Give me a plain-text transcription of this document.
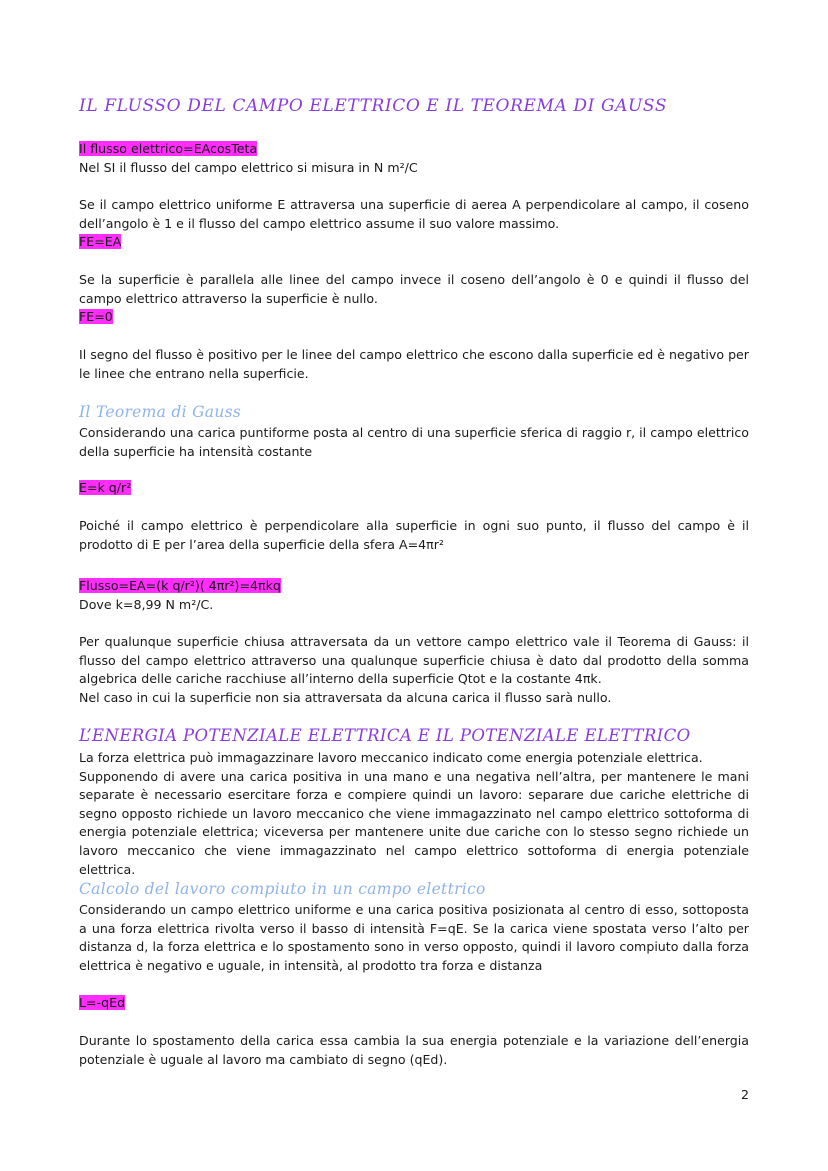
IL FLUSSO DEL CAMPO ELETTRICO E IL TEOREMA DI GAUSS

Il flusso elettrico=EAcosTeta

Nel SI il flusso del campo elettrico si misura in N m²/C

Se il campo elettrico uniforme E attraversa una superficie di aerea A perpendicolare al campo, il coseno dell’angolo è 1 e il flusso del campo elettrico assume il suo valore massimo.

FE=EA

Se la superficie è parallela alle linee del campo invece il coseno dell’angolo è 0 e quindi il flusso del campo elettrico attraverso la superficie è nullo.

FE=0

Il segno del flusso è positivo per le linee del campo elettrico che escono dalla superficie ed è negativo per le linee che entrano nella superficie.

Il Teorema di Gauss

Considerando una carica puntiforme posta al centro di una superficie sferica di raggio r, il campo elettrico della superficie ha intensità costante

E=k q/r²

Poiché il campo elettrico è perpendicolare alla superficie in ogni suo punto, il flusso del campo è il prodotto di E per l’area della superficie della sfera A=4πr²

Flusso=EA=(k q/r²)( 4πr²)=4πkq

Dove k=8,99 N m²/C.

Per qualunque superficie chiusa attraversata da un vettore campo elettrico vale il Teorema di Gauss: il flusso del campo elettrico attraverso una qualunque superficie chiusa è dato dal prodotto della somma algebrica delle cariche racchiuse all’interno della superficie Qtot e la costante 4πk.

Nel caso in cui la superficie non sia attraversata da alcuna carica il flusso sarà nullo.

L’ENERGIA POTENZIALE ELETTRICA E IL POTENZIALE ELETTRICO

La forza elettrica può immagazzinare lavoro meccanico indicato come energia potenziale elettrica.

Supponendo di avere una carica positiva in una mano e una negativa nell’altra, per mantenere le mani separate è necessario esercitare forza e compiere quindi un lavoro: separare due cariche elettriche di segno opposto richiede un lavoro meccanico che viene immagazzinato nel campo elettrico sottoforma di energia potenziale elettrica; viceversa per mantenere unite due cariche con lo stesso segno richiede un lavoro meccanico che viene immagazzinato nel campo elettrico sottoforma di energia potenziale elettrica.

Calcolo del lavoro compiuto in un campo elettrico

Considerando un campo elettrico uniforme e una carica positiva posizionata al centro di esso, sottoposta a una forza elettrica rivolta verso il basso di intensità F=qE. Se la carica viene spostata verso l’alto per distanza d, la forza elettrica e lo spostamento sono in verso opposto, quindi il lavoro compiuto dalla forza elettrica è negativo e uguale, in intensità, al prodotto tra forza e distanza

L=-qEd

Durante lo spostamento della carica essa cambia la sua energia potenziale e la variazione dell’energia potenziale è uguale al lavoro ma cambiato di segno (qEd).

2
